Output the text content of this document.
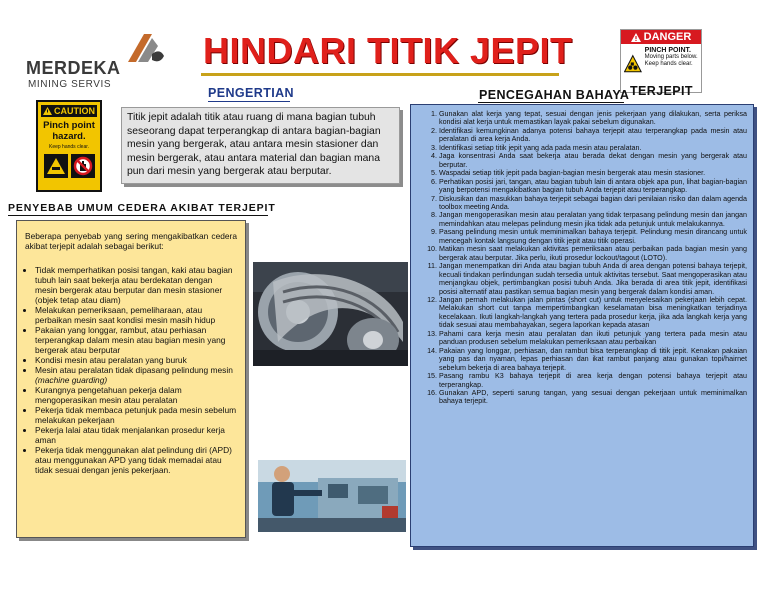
MERDEKA
MINING SERVIS
HINDARI TITIK JEPIT	DANGER
PINCH POINT.
Moving parts below. Keep hands clear.
CAUTION
Pinch point
hazard.
Keep hands clear.
PENGERTIAN
Titik jepit adalah titik atau ruang di mana bagian tubuh seseorang dapat terperangkap di antara bagian-bagian mesin yang bergerak, atau antara mesin stasioner dan mesin bergerak, atau antara material dan bagian mana pun dari mesin yang bergerak atau berputar.
PENCEGAHAN BAHAYA TERJEPIT
PENYEBAB UMUM CEDERA AKIBAT TERJEPIT
Beberapa penyebab yang sering mengakibatkan cedera akibat terjepit adalah sebagai berikut:
• Tidak memperhatikan posisi tangan, kaki atau bagian tubuh lain saat bekerja atau berdekatan dengan mesin bergerak atau berputar dan mesin stasioner (objek tetap atau diam)
• Melakukan pemeriksaan, pemeliharaan, atau perbaikan mesin saat kondisi mesin masih hidup
• Pakaian yang longgar, rambut, atau perhiasan terperangkap dalam mesin atau bagian mesin yang bergerak atau berputar
• Kondisi mesin atau peralatan yang buruk
• Mesin atau peralatan tidak dipasang pelindung mesin (machine guarding)
• Kurangnya pengetahuan pekerja dalam mengoperasikan mesin atau peralatan
• Pekerja tidak membaca petunjuk pada mesin sebelum melakukan pekerjaan
• Pekerja lalai atau tidak menjalankan prosedur kerja aman
• Pekerja tidak menggunakan alat pelindung diri (APD) atau menggunakan APD yang tidak memadai atau tidak sesuai dengan jenis pekerjaan.
1. Gunakan alat kerja yang tepat, sesuai dengan jenis pekerjaan yang dilakukan, serta periksa kondisi alat kerja untuk memastikan layak pakai sebelum digunakan.
2. Identifikasi kemungkinan adanya potensi bahaya terjepit atau terperangkap pada mesin atau peralatan di area kerja Anda.
3. Identifikasi setiap titik jepit yang ada pada mesin atau peralatan.
4. Jaga konsentrasi Anda saat bekerja atau berada dekat dengan mesin yang bergerak atau berputar.
5. Waspadai setiap titik jepit pada bagian-bagian mesin bergerak atau mesin stasioner.
6. Perhatikan posisi jari, tangan, atau bagian tubuh lain di antara objek apa pun, lihat bagian-bagian yang berpotensi mengakibatkan bagian tubuh Anda terjepit atau terperangkap.
7. Diskusikan dan masukkan bahaya terjepit sebagai bagian dari penilaian risiko dan dalam agenda toolbox meeting Anda.
8. Jangan mengoperasikan mesin atau peralatan yang tidak terpasang pelindung mesin dan jangan memindahkan atau melepas pelindung mesin jika tidak ada petunjuk untuk melakukannya.
9. Pasang pelindung mesin untuk meminimalkan bahaya terjepit. Pelindung mesin dirancang untuk mencegah kontak langsung dengan titik jepit atau titik operasi.
10. Matikan mesin saat melakukan aktivitas pemeriksaan atau perbaikan pada bagian mesin yang bergerak atau berputar. Jika perlu, ikuti prosedur lockout/tagout (LOTO).
11. Jangan menempatkan diri Anda atau bagian tubuh Anda di area dengan potensi bahaya terjepit, kecuali tindakan perlindungan sudah tersedia untuk aktivitas tersebut. Saat mengoperasikan atau menjangkau objek, pertimbangkan posisi tubuh Anda. Jika berada di area titik jepit, identifikasi posisi alternatif atau pastikan semua bagian mesin yang bergerak dalam kondisi aman.
12. Jangan pernah melakukan jalan pintas (short cut) untuk menyelesaikan pekerjaan lebih cepat. Melakukan short cut tanpa mempertimbangkan keselamatan bisa meningkatkan terjadinya kecelakaan. Ikuti langkah-langkah yang tertera pada prosedur kerja, jika ada langkah kerja yang tidak sesuai atau membahayakan, segera laporkan kepada atasan
13. Pahami cara kerja mesin atau peralatan dan ikuti petunjuk yang tertera pada mesin atau panduan produsen sebelum melakukan pemeriksaan atau perbaikan
14. Pakaian yang longgar, perhiasan, dan rambut bisa terperangkap di titik jepit. Kenakan pakaian yang pas dan nyaman, lepas perhiasan dan ikat rambut panjang atau gunakan topi/hairnet sebelum bekerja di area bahaya terjepit.
15. Pasang rambu K3 bahaya terjepit di area kerja dengan potensi bahaya terjepit atau terperangkap.
16. Gunakan APD, seperti sarung tangan, yang sesuai dengan pekerjaan untuk meminimalkan bahaya terjepit.
